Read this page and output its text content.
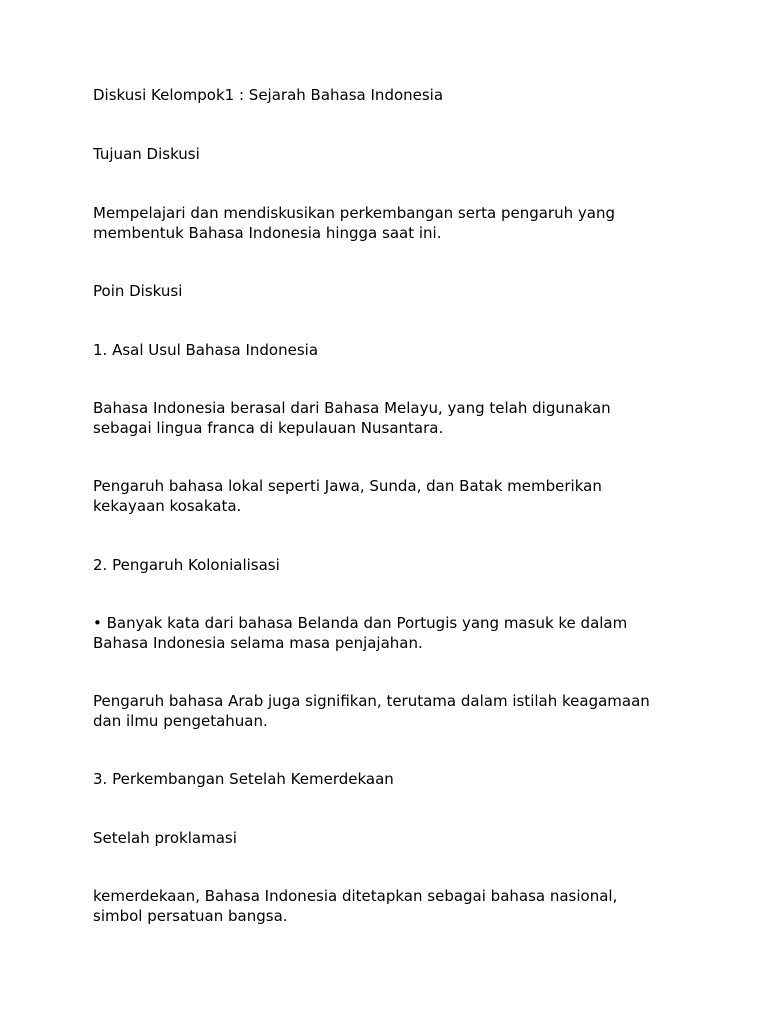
Diskusi Kelompok1 : Sejarah Bahasa Indonesia

Tujuan Diskusi

Mempelajari dan mendiskusikan perkembangan serta pengaruh yang

membentuk Bahasa Indonesia hingga saat ini.

Poin Diskusi

1. Asal Usul Bahasa Indonesia

Bahasa Indonesia berasal dari Bahasa Melayu, yang telah digunakan

sebagai lingua franca di kepulauan Nusantara.

Pengaruh bahasa lokal seperti Jawa, Sunda, dan Batak memberikan

kekayaan kosakata.

2. Pengaruh Kolonialisasi

• Banyak kata dari bahasa Belanda dan Portugis yang masuk ke dalam

Bahasa Indonesia selama masa penjajahan.

Pengaruh bahasa Arab juga signifikan, terutama dalam istilah keagamaan

dan ilmu pengetahuan.

3. Perkembangan Setelah Kemerdekaan

Setelah proklamasi

kemerdekaan, Bahasa Indonesia ditetapkan sebagai bahasa nasional,

simbol persatuan bangsa.
